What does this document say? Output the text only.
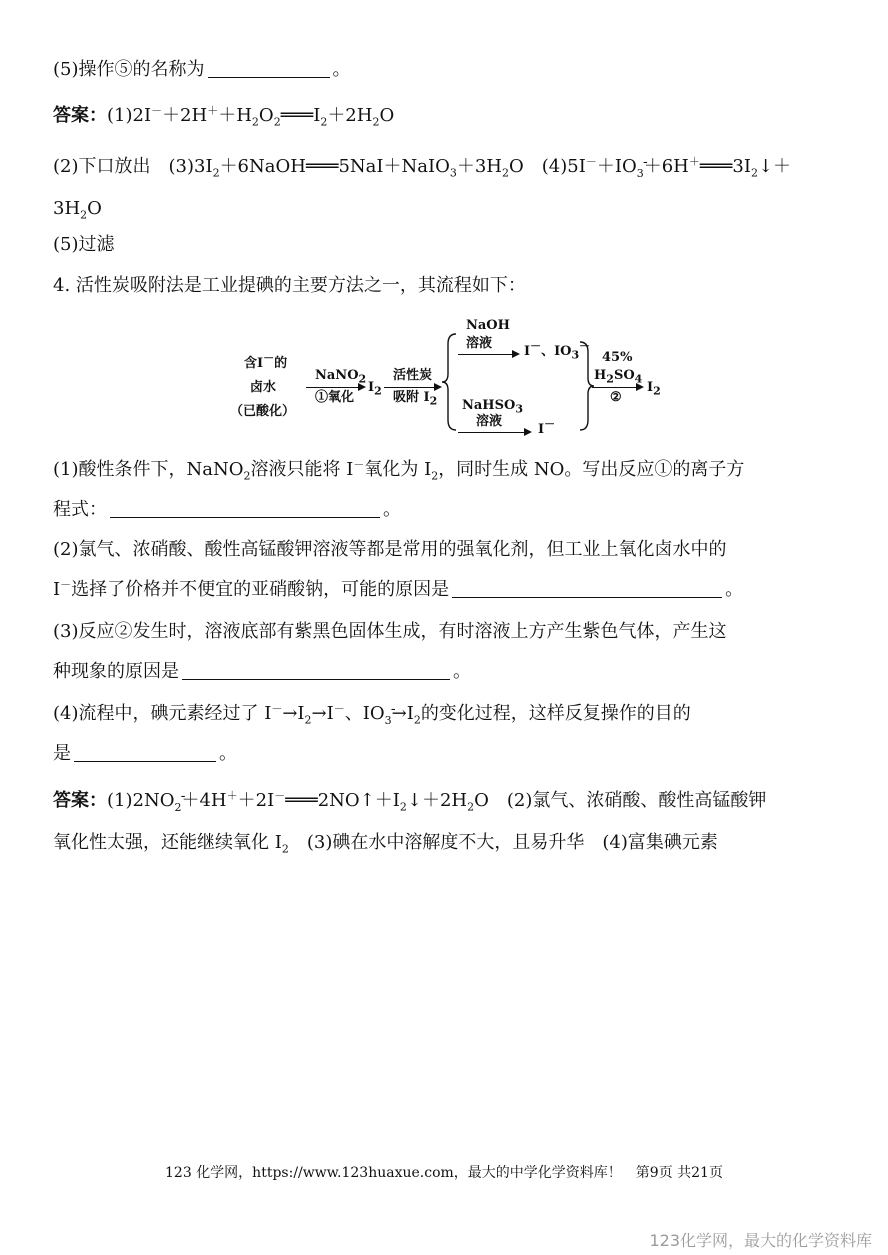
(5)操作⑤的名称为	。
答案：$(1)2I^-+2H^++H_2O_2═══I_2+2H_2O$
(2)下口放出　$(3)3I_2+6NaOH═══5NaI+NaIO_3+3H_2O$　$(4)5I^-+IO_3+6H^+═══3I_2↓+$
$3H_2O$
(5)过滤
4. 活性炭吸附法是工业提碘的主要方法之一，其流程如下：
含I－的
卤水
（已酸化）
NaNO$_2$
①氧化
$I_2$
活性炭
吸附 $I_2$
NaOH
溶液
I－、$IO_3^-$
NaHSO$_3$
溶液
I－
45%
$H_2SO_4$
②
$I_2$
(1)酸性条件下，NaNO$_2$溶液只能将 I－氧化为 $I_2$，同时生成 NO。写出反应①的离子方
程式：	。
(2)氯气、浓硝酸、酸性高锰酸钾溶液等都是常用的强氧化剂，但工业上氧化卤水中的
I－选择了价格并不便宜的亚硝酸钠，可能的原因是	。
(3)反应②发生时，溶液底部有紫黑色固体生成，有时溶液上方产生紫色气体，产生这
种现象的原因是	。
(4)流程中，碘元素经过了 $I^-\to I_2\to I^-$、$IO_3\to I_2$的变化过程，这样反复操作的目的
是	。
答案：$(1)2NO_2+4H^++2I^-═══2NO↑+I_2↓+2H_2O$　(2)氯气、浓硝酸、酸性高锰酸钾
氧化性太强，还能继续氧化 $I_2$　(3)碘在水中溶解度不大，且易升华　(4)富集碘元素
123 化学网，https://www.123huaxue.com，最大的中学化学资料库！　第9页 共21页
123化学网，最大的化学资料库
